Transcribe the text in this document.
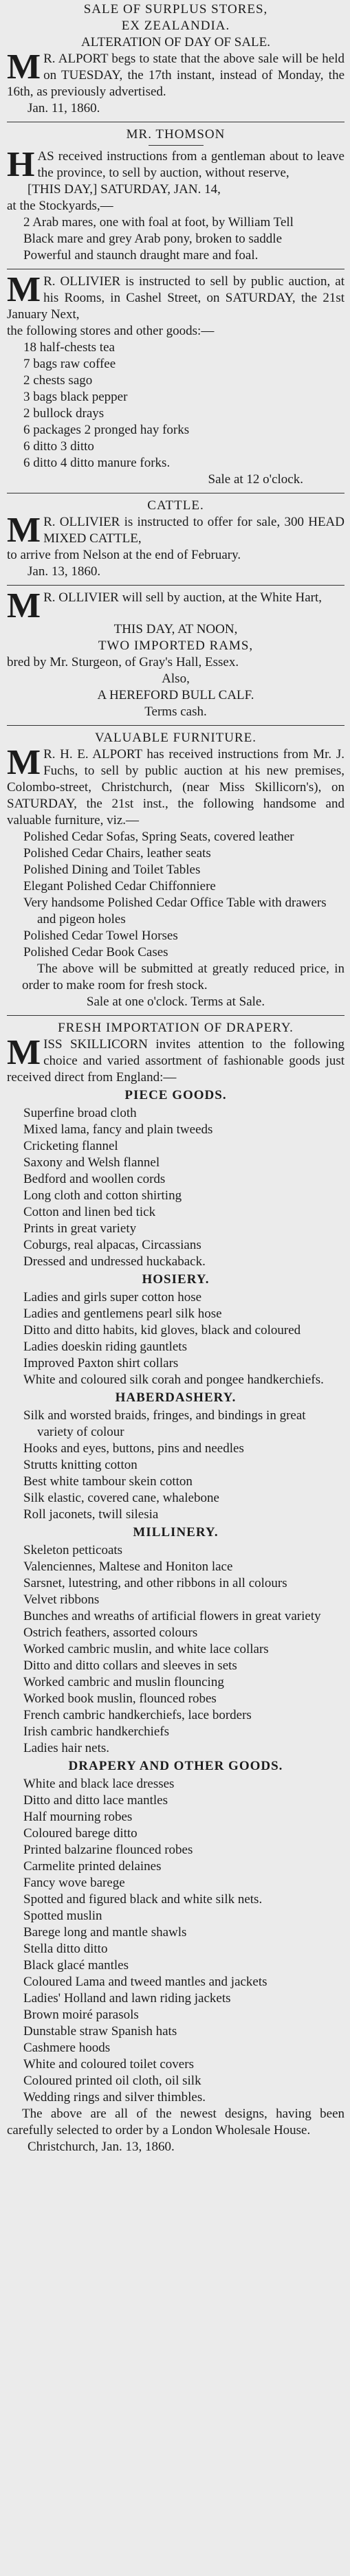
SALE OF SURPLUS STORES,
EX ZEALANDIA.
ALTERATION OF DAY OF SALE.

M R. ALPORT begs to state that the above sale will be held on TUESDAY, the 17th instant, instead of Monday, the 16th, as previously advertised.

Jan. 11, 1860.
MR. THOMSON

HAS received instructions from a gentleman about to leave the province, to sell by auction, without reserve,

[THIS DAY,] SATURDAY, JAN. 14,
at the Stockyards,—
2 Arab mares, one with foal at foot, by William Tell
Black mare and grey Arab pony, broken to saddle
Powerful and staunch draught mare and foal.

M R. OLLIVIER is instructed to sell by public auction, at his Rooms, in Cashel Street, on SATURDAY, the 21st January Next,

the following stores and other goods:—
18 half-chests tea
7 bags raw coffee
2 chests sago
3 bags black pepper
2 bullock drays
6 packages 2 pronged hay forks
6 ditto 3 ditto
6 ditto 4 ditto manure forks.
Sale at 12 o'clock.
CATTLE.

M R. OLLIVIER is instructed to offer for sale, 300 HEAD MIXED CATTLE,

to arrive from Nelson at the end of February.
Jan. 13, 1860.

M R. OLLIVIER will sell by auction, at the White Hart,

THIS DAY, AT NOON,
TWO IMPORTED RAMS,
bred by Mr. Sturgeon, of Gray's Hall, Essex.
Also,
A HEREFORD BULL CALF.
Terms cash.
VALUABLE FURNITURE.

M R. H. E. ALPORT has received instructions from Mr. J. Fuchs, to sell by public auction at his new premises, Colombo-street, Christchurch, (near Miss Skillicorn's), on SATURDAY, the 21st inst., the following handsome and valuable furniture, viz.—

Polished Cedar Sofas, Spring Seats, covered leather
Polished Cedar Chairs, leather seats
Polished Dining and Toilet Tables
Elegant Polished Cedar Chiffonniere
Very handsome Polished Cedar Office Table with drawers and pigeon holes
Polished Cedar Towel Horses
Polished Cedar Book Cases

The above will be submitted at greatly reduced price, in order to make room for fresh stock.

Sale at one o'clock. Terms at Sale.
FRESH IMPORTATION OF DRAPERY.

MISS SKILLICORN invites attention to the following choice and varied assortment of fashionable goods just received direct from England:—

PIECE GOODS.
Superfine broad cloth
Mixed lama, fancy and plain tweeds
Cricketing flannel
Saxony and Welsh flannel
Bedford and woollen cords
Long cloth and cotton shirting
Cotton and linen bed tick
Prints in great variety
Coburgs, real alpacas, Circassians
Dressed and undressed huckaback.
HOSIERY.
Ladies and girls super cotton hose
Ladies and gentlemens pearl silk hose
Ditto and ditto habits, kid gloves, black and coloured
Ladies doeskin riding gauntlets
Improved Paxton shirt collars
White and coloured silk corah and pongee handkerchiefs.
HABERDASHERY.
Silk and worsted braids, fringes, and bindings in great variety of colour
Hooks and eyes, buttons, pins and needles
Strutts knitting cotton
Best white tambour skein cotton
Silk elastic, covered cane, whalebone
Roll jaconets, twill silesia
MILLINERY.
Skeleton petticoats
Valenciennes, Maltese and Honiton lace
Sarsnet, lutestring, and other ribbons in all colours
Velvet ribbons
Bunches and wreaths of artificial flowers in great variety
Ostrich feathers, assorted colours
Worked cambric muslin, and white lace collars
Ditto and ditto collars and sleeves in sets
Worked cambric and muslin flouncing
Worked book muslin, flounced robes
French cambric handkerchiefs, lace borders
Irish cambric handkerchiefs
Ladies hair nets.
DRAPERY AND OTHER GOODS.
White and black lace dresses
Ditto and ditto lace mantles
Half mourning robes
Coloured barege ditto
Printed balzarine flounced robes
Carmelite printed delaines
Fancy wove barege
Spotted and figured black and white silk nets.
Spotted muslin
Barege long and mantle shawls
Stella ditto ditto
Black glacé mantles
Coloured Lama and tweed mantles and jackets
Ladies' Holland and lawn riding jackets
Brown moiré parasols
Dunstable straw Spanish hats
Cashmere hoods
White and coloured toilet covers
Coloured printed oil cloth, oil silk
Wedding rings and silver thimbles.

The above are all of the newest designs, having been carefully selected to order by a London Wholesale House.

Christchurch, Jan. 13, 1860.
